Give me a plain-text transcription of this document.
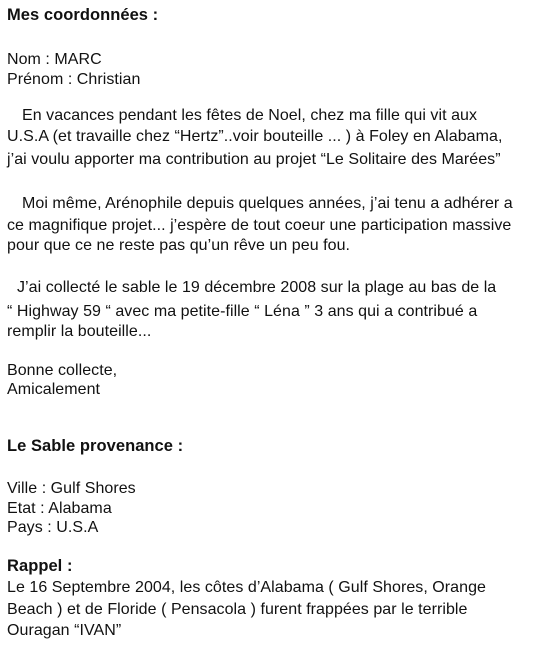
Mes coordonnées :
Nom : MARC
Prénom : Christian
En vacances pendant les fêtes de Noel, chez ma fille qui vit aux
U.S.A (et travaille chez “Hertz”..voir bouteille ... ) à Foley en Alabama,
j’ai voulu apporter ma contribution au projet “Le Solitaire des Marées”
Moi même, Arénophile depuis quelques années, j’ai tenu a adhérer a
ce magnifique projet... j’espère de tout coeur une participation massive
pour que ce ne reste pas qu’un rêve un peu fou.
J’ai collecté le sable le 19 décembre 2008 sur la plage au bas de la
“ Highway 59 “ avec ma petite-fille “ Léna ” 3 ans qui a contribué a
remplir la bouteille...
Bonne collecte,
Amicalement
Le Sable provenance :
Ville : Gulf Shores
Etat : Alabama
Pays : U.S.A
Rappel :
Le 16 Septembre 2004, les côtes d’Alabama ( Gulf Shores, Orange
Beach ) et de Floride ( Pensacola ) furent frappées par le terrible
Ouragan “IVAN”
